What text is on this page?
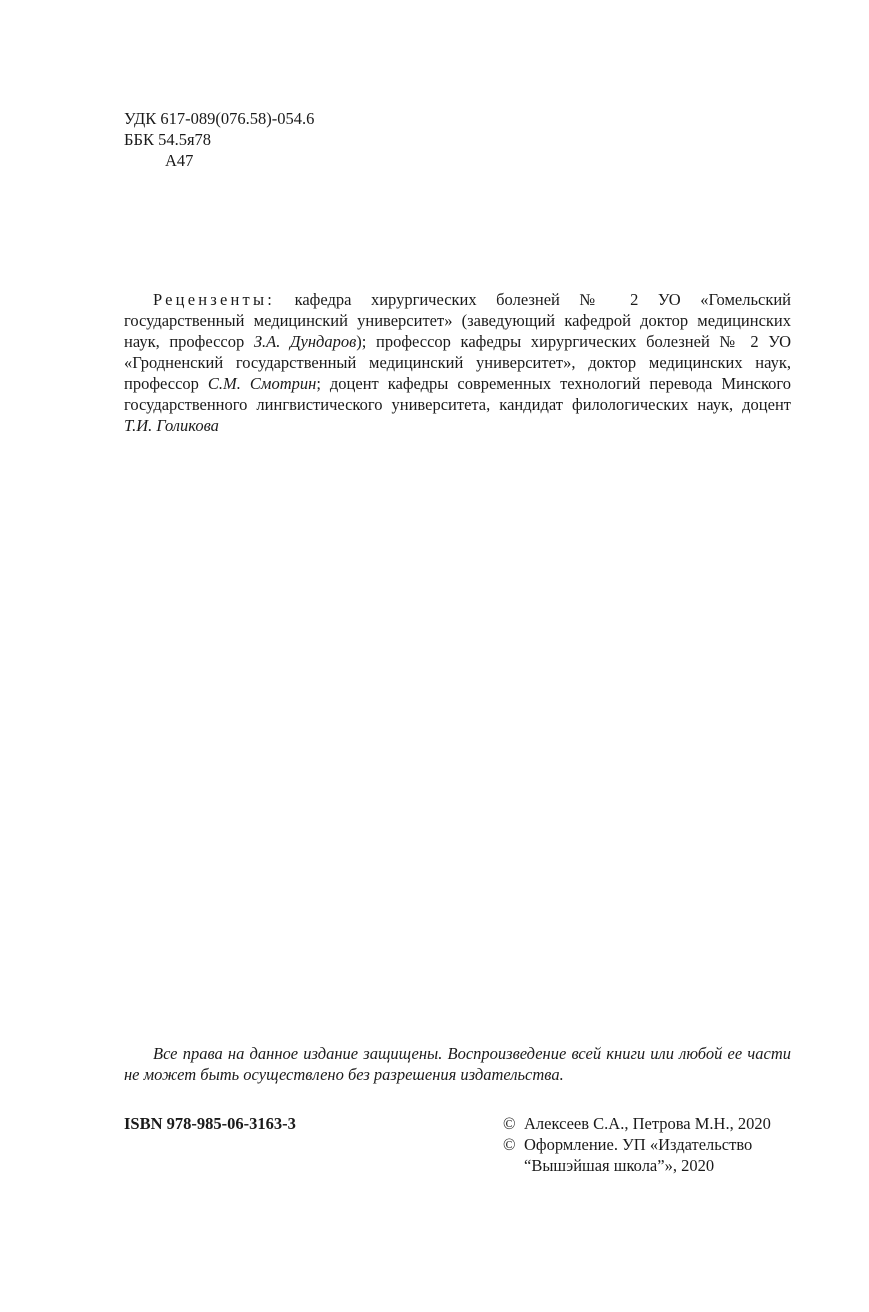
УДК 617-089(076.58)-054.6
ББК 54.5я78
А47
Рецензенты: кафедра хирургических болезней № 2 УО «Гомельский государственный медицинский университет» (заведующий кафедрой доктор медицинских наук, профессор З.А. Дундаров); профессор кафедры хирургических болезней № 2 УО «Гродненский государственный медицинский университет», доктор медицинских наук, профессор С.М. Смотрин; доцент кафедры современных технологий перевода Минского государственного лингвистического университета, кандидат филологических наук, доцент Т.И. Голикова
Все права на данное издание защищены. Воспроизведение всей книги или любой ее части не может быть осуществлено без разрешения издательства.
ISBN 978-985-06-3163-3	© Алексеев С.А., Петрова М.Н., 2020
© Оформление. УП «Издательство
“Вышэйшая школа”», 2020
